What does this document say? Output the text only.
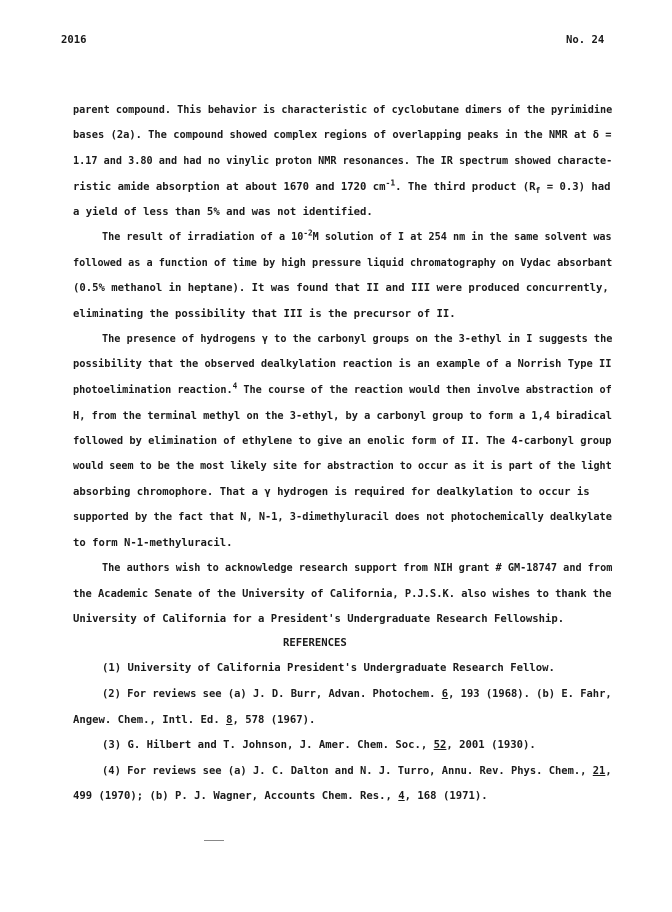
2016	No. 24
parent compound. This behavior is characteristic of cyclobutane dimers of the pyrimidine
bases (2a). The compound showed complex regions of overlapping peaks in the NMR at δ =
1.17 and 3.80 and had no vinylic proton NMR resonances. The IR spectrum showed characte-
ristic amide absorption at about 1670 and 1720 $cm^{-1}$. The third product $(R_f = 0.3)$ had
a yield of less than 5% and was not identified.
The result of irradiation of a $10^{-2}M$ solution of I at 254 nm in the same solvent was
followed as a function of time by high pressure liquid chromatography on Vydac absorbant
(0.5% methanol in heptane). It was found that II and III were produced concurrently,
eliminating the possibility that III is the precursor of II.
The presence of hydrogens γ to the carbonyl groups on the 3-ethyl in I suggests the
possibility that the observed dealkylation reaction is an example of a Norrish Type II
photoelimination reaction.$^4$ The course of the reaction would then involve abstraction of
H, from the terminal methyl on the 3-ethyl, by a carbonyl group to form a 1,4 biradical
followed by elimination of ethylene to give an enolic form of II. The 4-carbonyl group
would seem to be the most likely site for abstraction to occur as it is part of the light
absorbing chromophore. That a γ hydrogen is required for dealkylation to occur is
supported by the fact that N, N-1, 3-dimethyluracil does not photochemically dealkylate
to form N-1-methyluracil.
The authors wish to acknowledge research support from NIH grant # GM-18747 and from
the Academic Senate of the University of California, P.J.S.K. also wishes to thank the
University of California for a President's Undergraduate Research Fellowship.
REFERENCES
(1) University of California President's Undergraduate Research Fellow.
(2) For reviews see (a) J. D. Burr, Advan. Photochem. 6, 193 (1968). (b) E. Fahr,
Angew. Chem., Intl. Ed. 8, 578 (1967).
(3) G. Hilbert and T. Johnson, J. Amer. Chem. Soc., 52, 2001 (1930).
(4) For reviews see (a) J. C. Dalton and N. J. Turro, Annu. Rev. Phys. Chem., 21,
499 (1970); (b) P. J. Wagner, Accounts Chem. Res., 4, 168 (1971).
